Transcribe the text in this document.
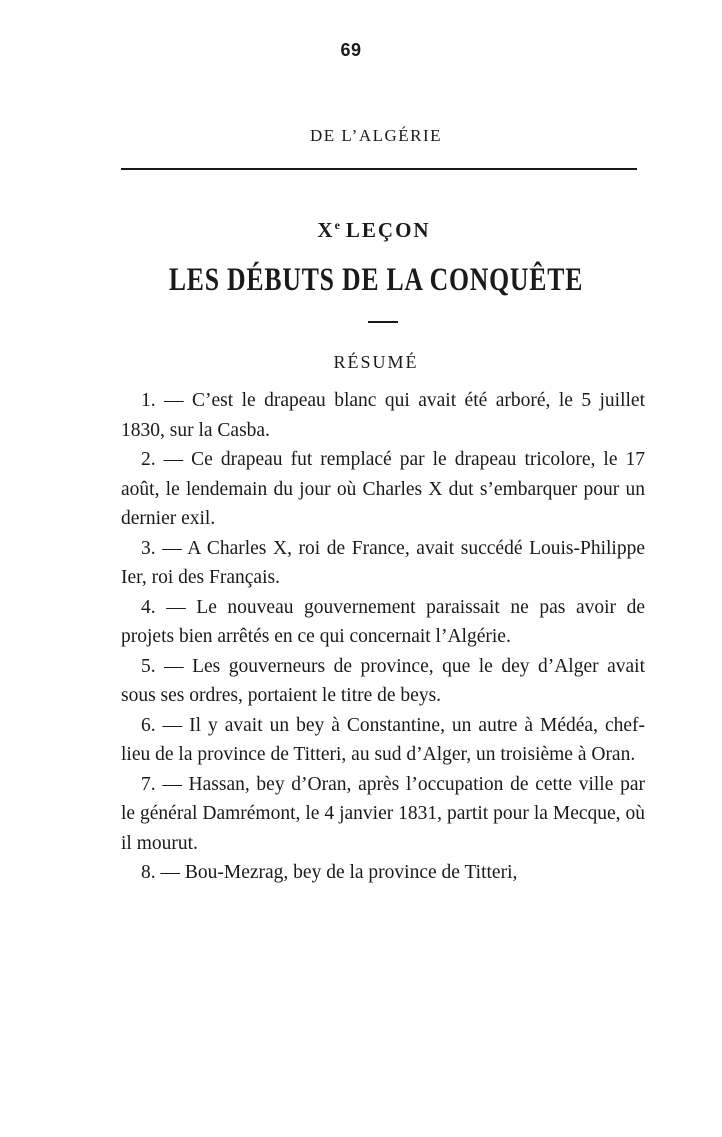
69
DE L’ALGÉRIE
Xe LEÇON
LES DÉBUTS DE LA CONQUÊTE
RÉSUMÉ

1. — C’est le drapeau blanc qui avait été arboré, le 5 juillet 1830, sur la Casba.

2. — Ce drapeau fut remplacé par le drapeau tricolore, le 17 août, le lendemain du jour où Charles X dut s’embarquer pour un dernier exil.

3. — A Charles X, roi de France, avait succédé Louis-Philippe Ier, roi des Français.

4. — Le nouveau gouvernement paraissait ne pas avoir de projets bien arrêtés en ce qui concernait l’Algérie.

5. — Les gouverneurs de province, que le dey d’Alger avait sous ses ordres, portaient le titre de beys.

6. — Il y avait un bey à Constantine, un autre à Médéa, chef-lieu de la province de Titteri, au sud d’Alger, un troisième à Oran.

7. — Hassan, bey d’Oran, après l’occupation de cette ville par le général Damrémont, le 4 janvier 1831, partit pour la Mecque, où il mourut.

8. — Bou-Mezrag, bey de la province de Titteri,
